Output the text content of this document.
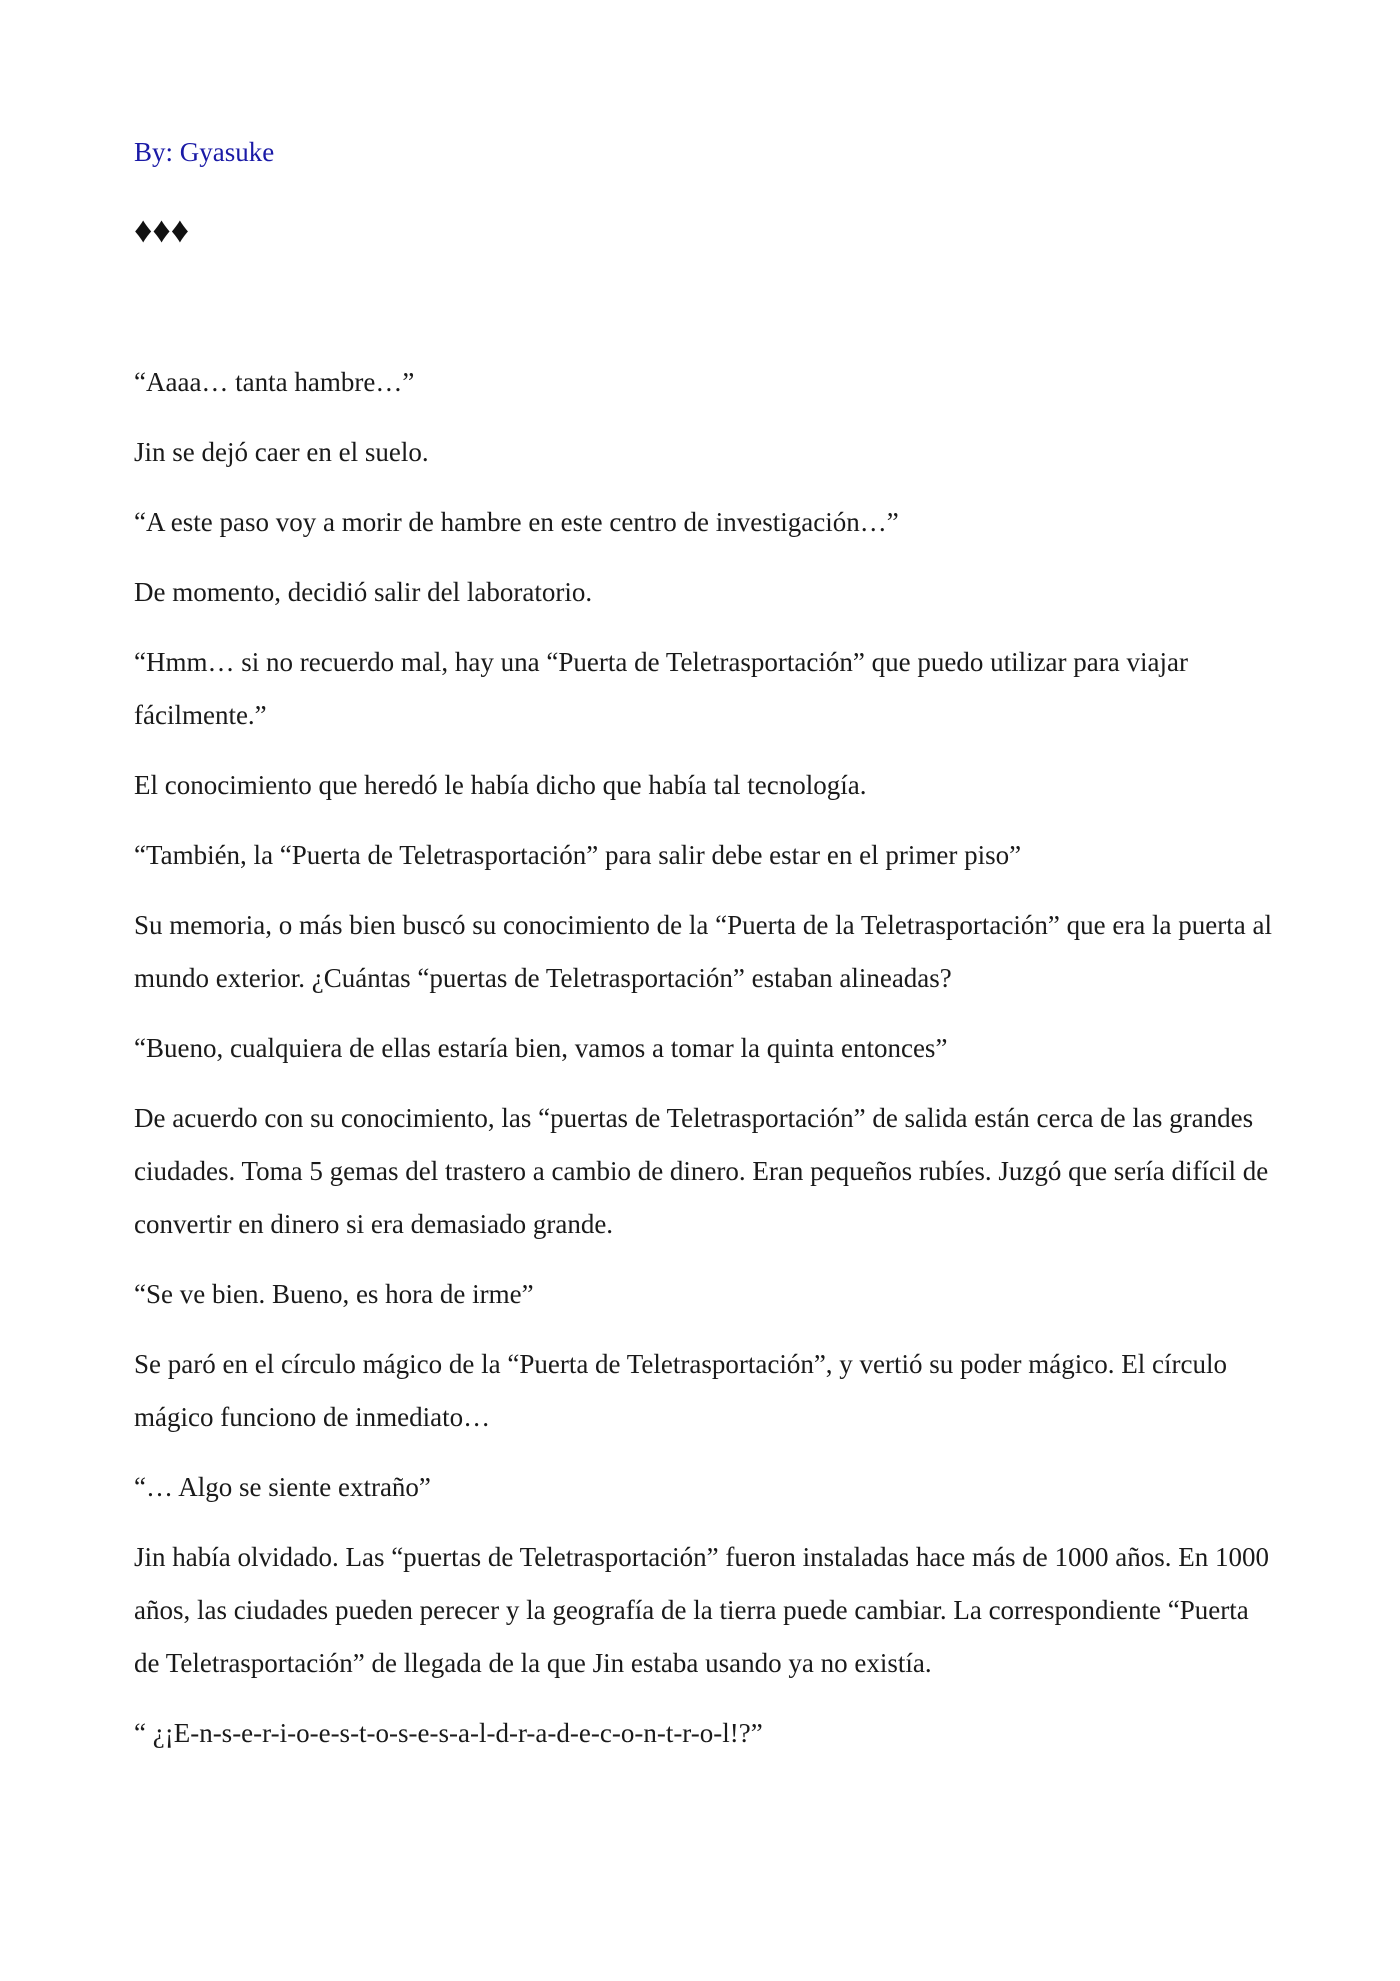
By: Gyasuke

♦♦♦

“Aaaa… tanta hambre…”

Jin se dejó caer en el suelo.

“A este paso voy a morir de hambre en este centro de investigación…”

De momento, decidió salir del laboratorio.

“Hmm… si no recuerdo mal, hay una “Puerta de Teletrasportación” que puedo utilizar para viajar fácilmente.”

El conocimiento que heredó le había dicho que había tal tecnología.

“También, la “Puerta de Teletrasportación” para salir debe estar en el primer piso”

Su memoria, o más bien buscó su conocimiento de la “Puerta de la Teletrasportación” que era la puerta al mundo exterior. ¿Cuántas “puertas de Teletrasportación” estaban alineadas?

“Bueno, cualquiera de ellas estaría bien, vamos a tomar la quinta entonces”

De acuerdo con su conocimiento, las “puertas de Teletrasportación” de salida están cerca de las grandes ciudades. Toma 5 gemas del trastero a cambio de dinero. Eran pequeños rubíes. Juzgó que sería difícil de convertir en dinero si era demasiado grande.

“Se ve bien. Bueno, es hora de irme”

Se paró en el círculo mágico de la “Puerta de Teletrasportación”, y vertió su poder mágico. El círculo mágico funciono de inmediato…

“… Algo se siente extraño”

Jin había olvidado. Las “puertas de Teletrasportación” fueron instaladas hace más de 1000 años. En 1000 años, las ciudades pueden perecer y la geografía de la tierra puede cambiar. La correspondiente “Puerta de Teletrasportación” de llegada de la que Jin estaba usando ya no existía.

“ ¿¡E-n-s-e-r-i-o-e-s-t-o-s-e-s-a-l-d-r-a-d-e-c-o-n-t-r-o-l!?”
